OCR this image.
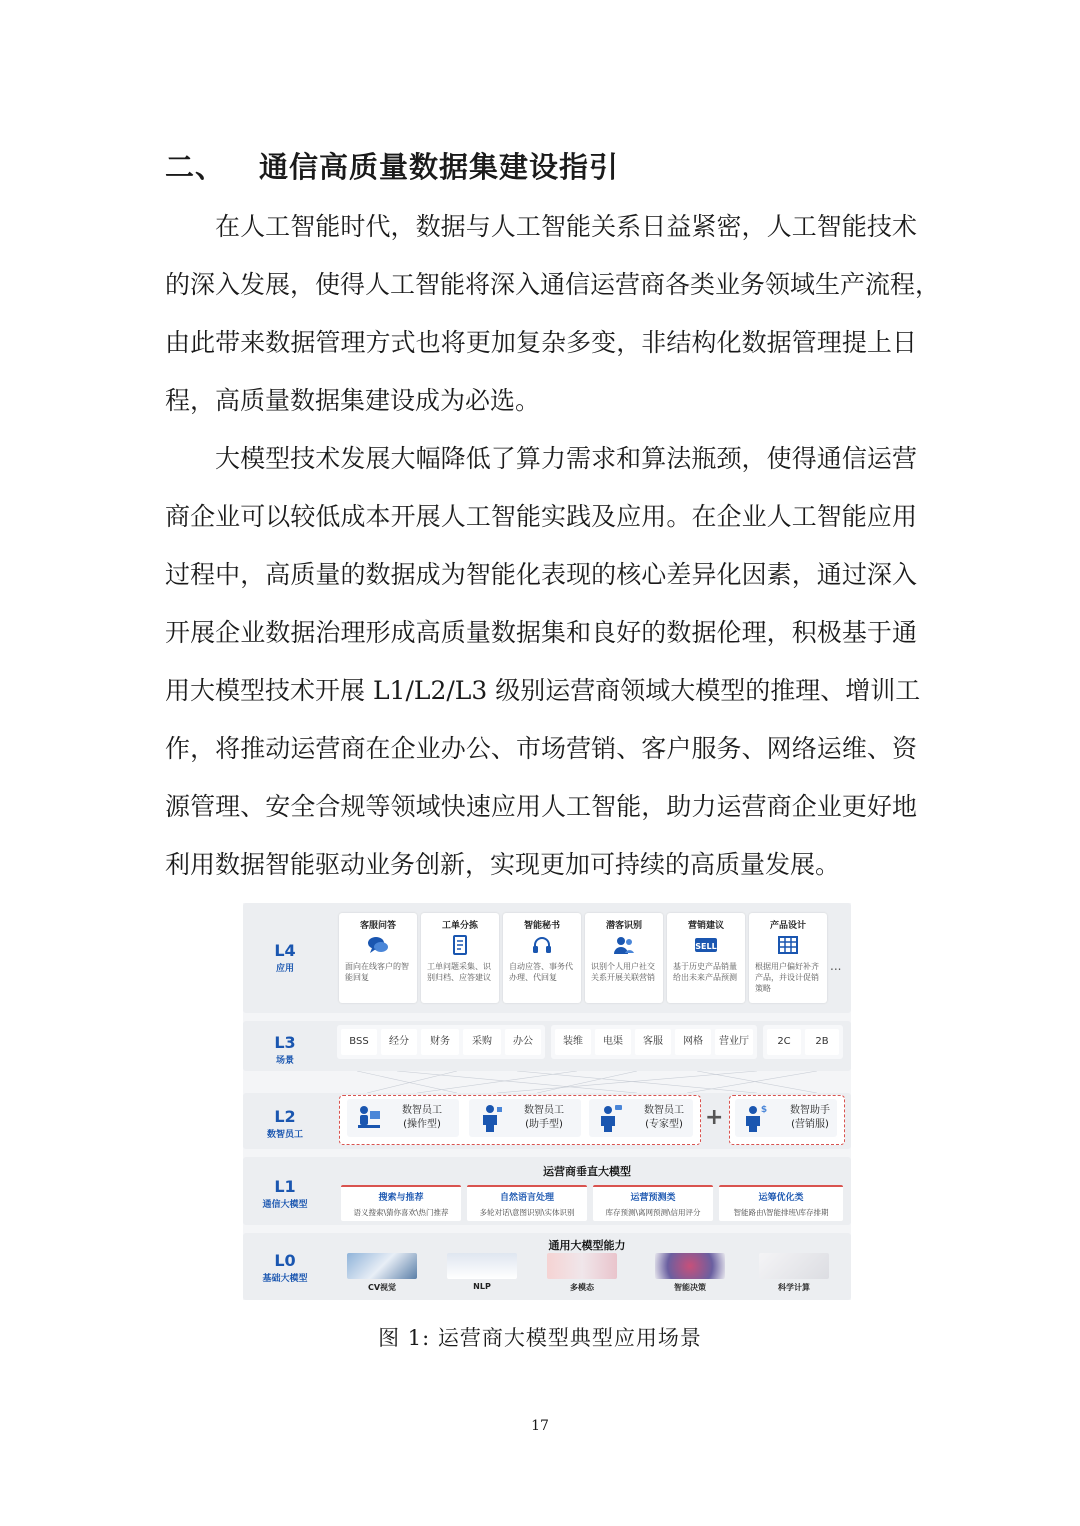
二、 通信高质量数据集建设指引
在人工智能时代，数据与人工智能关系日益紧密，人工智能技术
的深入发展，使得人工智能将深入通信运营商各类业务领域生产流程，
由此带来数据管理方式也将更加复杂多变，非结构化数据管理提上日
程，高质量数据集建设成为必选。
大模型技术发展大幅降低了算力需求和算法瓶颈，使得通信运营
商企业可以较低成本开展人工智能实践及应用。在企业人工智能应用
过程中，高质量的数据成为智能化表现的核心差异化因素，通过深入
开展企业数据治理形成高质量数据集和良好的数据伦理，积极基于通
用大模型技术开展 L1/L2/L3 级别运营商领域大模型的推理、增训工
作，将推动运营商在企业办公、市场营销、客户服务、网络运维、资
源管理、安全合规等领域快速应用人工智能，助力运营商企业更好地
利用数据智能驱动业务创新，实现更加可持续的高质量发展。
L4
应用
客服问答
面向在线客户的智能回复
工单分拣
工单问题采集、识别归档、应答建议
智能秘书
自动应答、事务代办理、代回复
潜客识别
识别个人用户社交关系开展关联营销
营销建议
SELL
基于历史产品销量给出未来产品预测
产品设计
根据用户偏好补齐产品，并设计促销策略
...
L3
场景
BSS	经分	财务	采购	办公	装维	电渠	客服	网格	营业厅	2C	2B
L2
数智员工
数智员工
(操作型)
数智员工
(助手型)
数智员工
(专家型)	+	$	数智助手
(营销服)
L1
通信大模型
运营商垂直大模型
搜索与推荐
语义搜索\猜你喜欢\热门推荐
自然语言处理
多轮对话\意图识别\实体识别
运营预测类
库存预测\离网预测\信用评分
运筹优化类
智能路由\智能排班\库存排期
L0
基础大模型
通用大模型能力
CV视觉	NLP	多模态	智能决策	科学计算
图 1: 运营商大模型典型应用场景
17
